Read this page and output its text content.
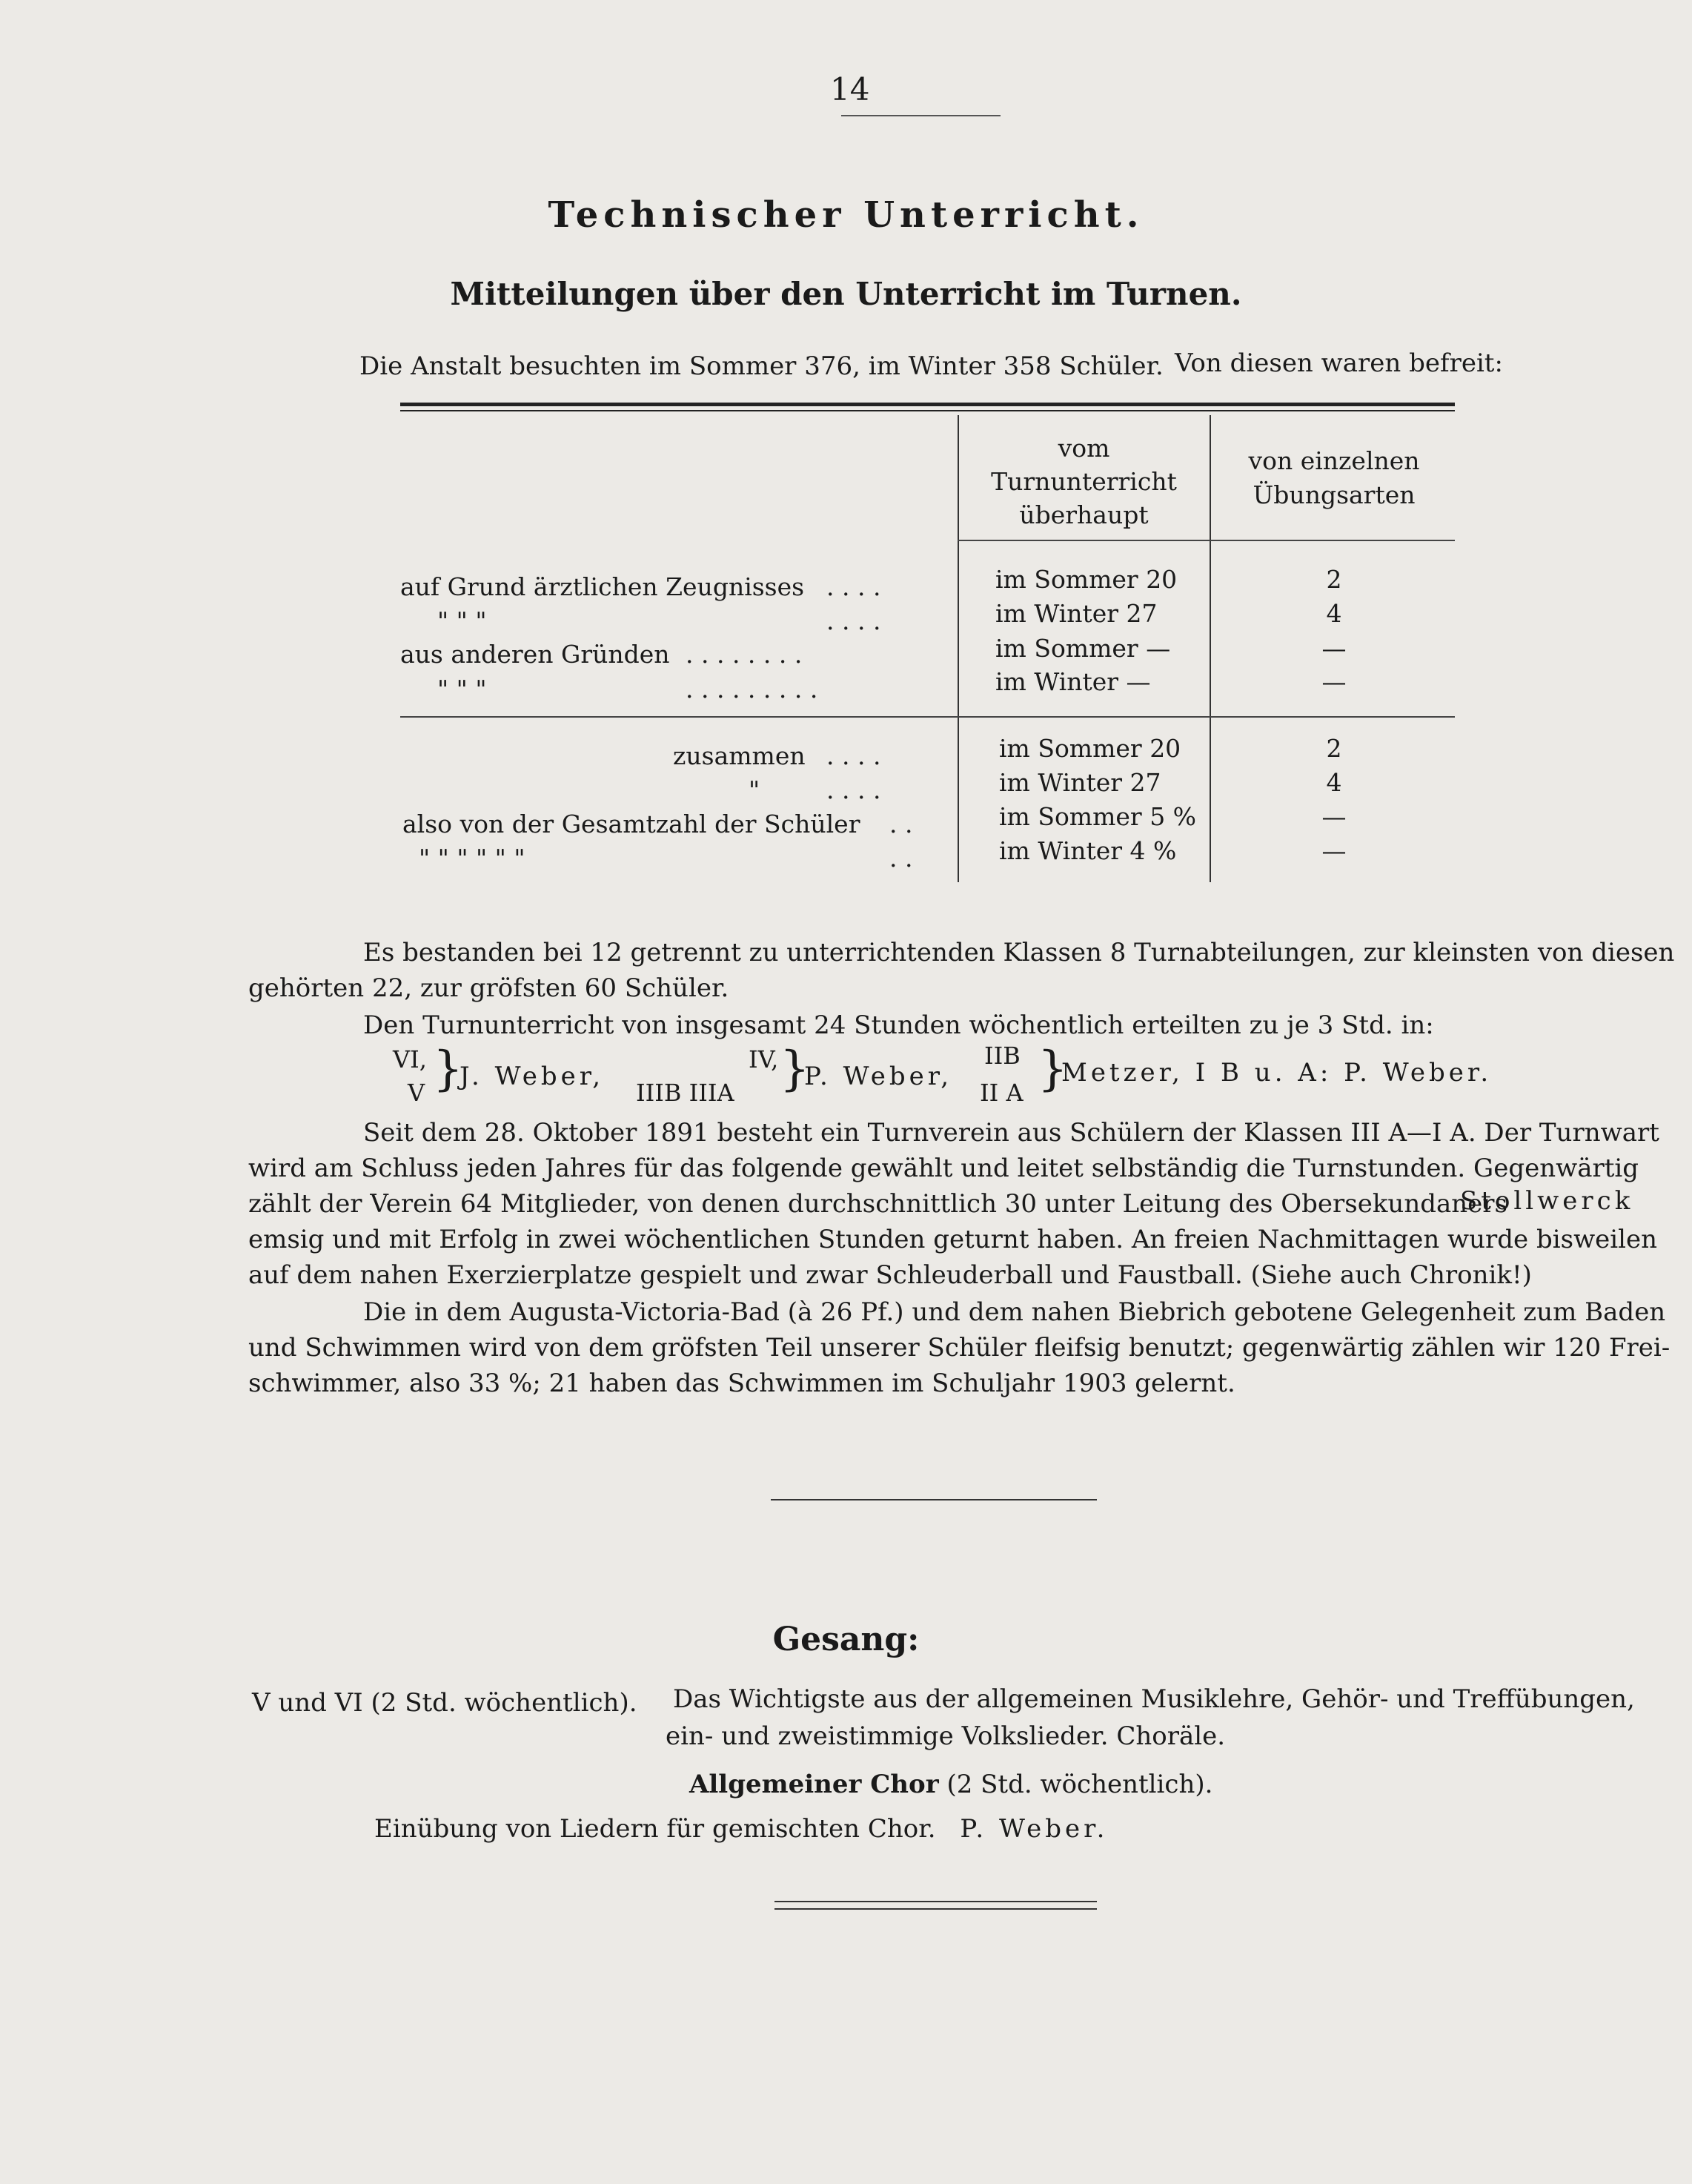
14
Technischer Unterricht.
Mitteilungen über den Unterricht im Turnen.
Die Anstalt besuchten im Sommer 376, im Winter 358 Schüler. Von diesen waren befreit:
vom
Turnunterricht
überhaupt
von einzelnen
Übungsarten
auf Grund ärztlichen Zeugnisses . . . .	im Sommer 20	2
" " "	. . . .	im Winter 27	4
aus anderen Gründen . . . . . . . .	im Sommer —	—
" " "	. . . . . . . . .	im Winter —	—
zusammen . . . .	im Sommer 20	2
"	. . . .	im Winter 27	4
also von der Gesamtzahl der Schüler . .	im Sommer 5 %	—
" " " " " "	. .	im Winter 4 %	—
Es bestanden bei 12 getrennt zu unterrichtenden Klassen 8 Turnabteilungen, zur kleinsten von diesen
gehörten 22, zur gröfsten 60 Schüler.
Den Turnunterricht von insgesamt 24 Stunden wöchentlich erteilten zu je 3 Std. in:
VI,
V }
J. Weber,
IV,
IIIB IIIA }
P. Weber,
IIB
II A }
Metzer, I B u. A: P. Weber.
Seit dem 28. Oktober 1891 besteht ein Turnverein aus Schülern der Klassen III A—I A. Der Turnwart
wird am Schluss jeden Jahres für das folgende gewählt und leitet selbständig die Turnstunden. Gegenwärtig
zählt der Verein 64 Mitglieder, von denen durchschnittlich 30 unter Leitung des Obersekundaners
Stollwerck
emsig und mit Erfolg in zwei wöchentlichen Stunden geturnt haben. An freien Nachmittagen wurde bisweilen
auf dem nahen Exerzierplatze gespielt und zwar Schleuderball und Faustball. (Siehe auch Chronik!)
Die in dem Augusta-Victoria-Bad (à 26 Pf.) und dem nahen Biebrich gebotene Gelegenheit zum Baden
und Schwimmen wird von dem gröfsten Teil unserer Schüler fleifsig benutzt; gegenwärtig zählen wir 120 Frei-
schwimmer, also 33 %; 21 haben das Schwimmen im Schuljahr 1903 gelernt.
Gesang:
V und VI (2 Std. wöchentlich). Das Wichtigste aus der allgemeinen Musiklehre, Gehör- und Treffübungen,
ein- und zweistimmige Volkslieder. Choräle.
Allgemeiner Chor (2 Std. wöchentlich).
Einübung von Liedern für gemischten Chor. P. Weber.
